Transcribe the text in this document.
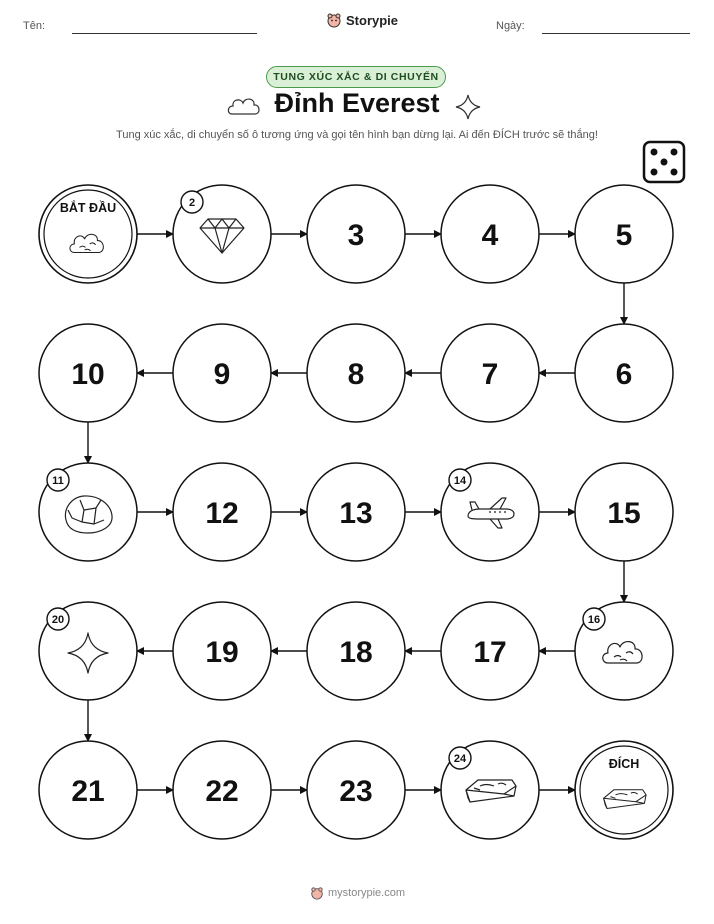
Tên:	Storypie	Ngày:
TUNG XÚC XẮC & DI CHUYỂN
Đỉnh Everest
Tung xúc xắc, di chuyển số ô tương ứng và gọi tên hình bạn dừng lại. Ai đến ĐÍCH trước sẽ thắng!
BẮT ĐẦU	2
3	4	5
6
7
8
9
10
11
12	13
14
15
16
17
18
19
20
21	22	23
24	ĐÍCH
mystorypie.com
